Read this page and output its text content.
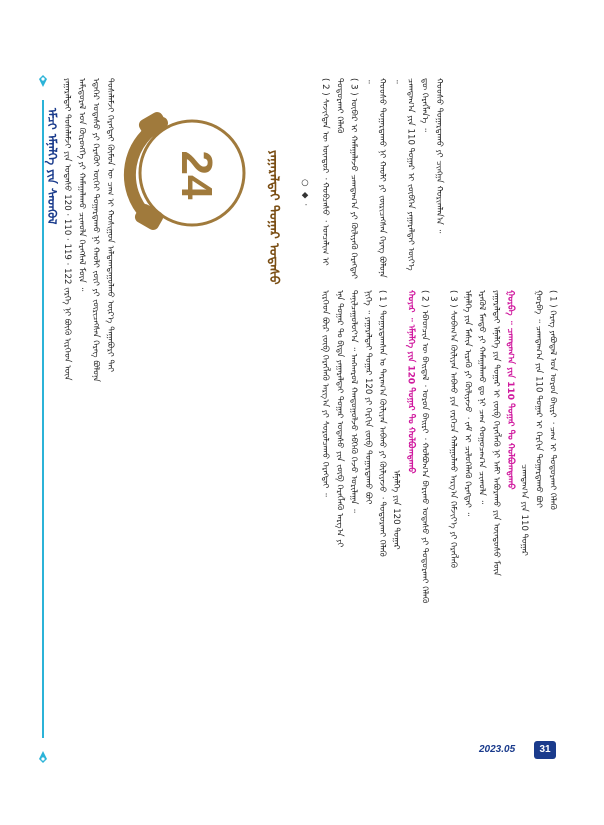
ᠡᠮᠴᠢ ᠡᠮᠨᠡᠯᠭᠡ ᠶᠢᠨ ᠰᠡᠳᠬᠦᠯ ᠶᠠᠭᠠᠷᠠᠯᠲᠠᠢ ᠲᠤᠰᠠᠯᠠᠮᠵᠢ ᠶᠢᠨ ᠤᠲᠠᠰᠤ 120 · 110 · 119 · 122 ᠵᠡᠷᠭᠡ ᠨᠢ ᠪᠦᠬᠦ ᠢᠷᠭᠡᠳ ᠦᠨ ᠠᠮᠢᠳᠤᠷᠠᠯ ᠡᠳ ᠬᠥᠷᠥᠩᠭᠡ ᠶᠢ ᠬᠠᠮᠠᠭᠠᠯᠠᠬᠤ ᠴᠢᠬᠤᠯᠠ ᠬᠡᠷᠡᠭᠰᠡᠯ ᠮᠥᠨ ᠃ ᠡᠳᠡᠭᠡᠷ ᠤᠲᠠᠰᠤ ᠶᠢ ᠬᠡᠷᠡᠭᠦᠢ ᠦᠭᠡᠢ ᠳᠤᠭᠠᠷᠳᠠᠬᠤ ᠨᠢ ᠬᠠᠤᠯᠢ ᠵᠦᠢ ᠶᠢ ᠵᠦᠷᠢᠴᠡᠭᠰᠡᠨ ᠬᠡᠷᠡᠭ ᠪᠣᠯᠤᠨᠠ ᠲᠤᠰᠠᠯᠠᠮᠵᠢ ᠬᠡᠷᠡᠭᠲᠡᠢ ᠬᠦᠮᠦᠨ ᠦ ᠴᠠᠭ ᠢ ᠬᠣᠰᠢᠭᠤᠨ ᠠᠯᠳᠠᠭᠳᠠᠭᠤᠯᠬᠤ ᠦᠷ᠎ᠡ ᠳᠠᠭᠠᠪᠤᠷᠢ ᠲᠠᠢ 24	ᠶᠠᠭᠠᠷᠠᠯᠲᠠᠢ ᠳᠤᠭᠠᠷ ᠤᠲᠠᠰᠤ	○ ◆ ·
ᠢᠷᠭᠡᠳ ᠪᠦᠷ ᠵᠥᠪ ᠬᠡᠷᠡᠭᠯᠡᠬᠦ ᠠᠷᠭ᠎ᠠ ᠶᠢ ᠰᠤᠷᠤᠯᠴᠠᠬᠤ ᠬᠡᠷᠡᠭᠲᠡᠢ ᠃ ᠡᠨᠡ ᠳᠤᠭᠠᠷ ᠲᠤ ᠪᠢᠳᠡ ᠶᠠᠭᠠᠷᠠᠯᠲᠠᠢ ᠳᠤᠭᠠᠷ ᠤᠲᠠᠰᠤ ᠶᠢᠨ ᠵᠥᠪ ᠬᠡᠷᠡᠭᠯᠡᠬᠦ ᠠᠷᠭ᠎ᠠ ᠶᠢ ᠲᠠᠨᠢᠯᠴᠠᠭᠤᠯᠤᠶ᠎ᠠ ᠃ ᠠᠩᠬᠠᠷᠤᠯ ᠬᠠᠨᠳᠤᠭᠤᠯᠵᠤ ᠡᠪᠬᠡᠬᠦ ᠭᠡᠵᠦ ᠤᠷᠢᠯᠠᠭᠠ ᠃ ᠨᠢᠭᠡ ᠃ ᠶᠠᠭᠠᠷᠠᠯᠲᠠᠢ ᠳᠤᠭᠠᠷ 120 ᠶᠢ ᠬᠡᠷᠬᠢᠨ ᠵᠥᠪ ᠳᠤᠭᠠᠷᠳᠠᠬᠤ ᠪᠤᠢ ( 1 ) ᠳᠤᠭᠠᠷᠳᠠᠭᠰᠠᠨ ᠤ ᠳᠠᠷᠠᠭ᠎ᠠ ᠬᠦᠯᠢᠶᠡᠨ ᠠᠪᠬᠤ ᠶᠢ ᠬᠦᠯᠢᠶᠡᠵᠦ ᠂ ᠲᠣᠳᠣᠷᠬᠠᠢ ᠬᠡᠯᠡᠬᠦ ᠡᠮᠨᠡᠯᠭᠡ ᠶᠢᠨ 120 ᠳᠤᠭᠠᠷ
ᠬᠣᠶᠠᠷ ᠃ ᠡᠮᠨᠡᠯᠭᠡ ᠶᠢᠨ 120 ᠳᠤᠭᠠᠷ ᠲᠤ ᠬᠣᠯᠪᠣᠭᠳᠠᠬᠤ ( 2 ) ᠡᠪᠡᠳᠴᠢᠨ ᠦ ᠪᠠᠢᠳᠠᠯ ᠂ ᠣᠷᠣᠨ ᠪᠠᠢᠷᠢ ᠂ ᠬᠣᠯᠪᠣᠭ᠎ᠠ ᠪᠠᠷᠢᠬᠤ ᠤᠲᠠᠰᠤ ᠶᠢ ᠲᠣᠳᠣᠷᠬᠠᠢ ᠬᠡᠯᠡᠬᠦ ( 3 ) ᠰᠤᠪᠠᠭ᠎ᠠ ᠬᠦᠯᠢᠶᠡᠨ ᠠᠪᠬᠤ ᠶᠢᠨ ᠵᠡᠷᠭᠡᠴᠡ ᠬᠠᠯᠠᠭᠤᠯᠬᠤ ᠠᠷᠭ᠎ᠠ ᠬᠡᠮᠵᠢᠶ᠎ᠡ ᠶᠢ ᠬᠡᠷᠡᠭᠯᠡᠬᠦ ᠡᠮᠨᠡᠯᠭᠡ ᠶᠢᠨ ᠮᠠᠰᠢᠨ ᠢᠷᠡᠬᠦ ᠶᠢ ᠬᠦᠯᠢᠶᠡᠵᠦ ᠂ ᠵᠠᠮ ᠢ ᠴᠢᠯᠦᠭᠡᠯᠡᠬᠦ ᠬᠡᠷᠡᠭᠲᠡᠢ ᠃ ᠡᠷᠡᠭᠦᠯ ᠮᠡᠨᠳᠦ ᠶᠢ ᠬᠠᠮᠠᠭᠠᠯᠠᠬᠤ ᠳᠤ ᠨᠢ ᠴᠠᠭ ᠬᠤᠭᠤᠴᠠᠭ᠎ᠠ ᠴᠢᠬᠤᠯᠠ ᠃ ᠶᠠᠭᠠᠷᠠᠯᠲᠠᠢ ᠡᠮᠨᠡᠯᠭᠡ ᠶᠢᠨ ᠳᠤᠭᠠᠷ ᠢ ᠵᠥᠪ ᠬᠡᠷᠡᠭᠯᠡᠬᠦ ᠨᠢ ᠠᠮᠢ ᠠᠪᠤᠷᠠᠬᠤ ᠶᠢᠨ ᠦᠨᠳᠦᠰᠦ ᠮᠥᠨ ᠭᠤᠷᠪᠠ ᠃ ᠴᠠᠭᠳᠠᠭ᠎ᠠ ᠶᠢᠨ 110 ᠳᠤᠭᠠᠷ ᠲᠤ ᠬᠣᠯᠪᠣᠭᠳᠠᠬᠤ
ᠴᠠᠭᠳᠠᠭ᠎ᠠ ᠶᠢᠨ 110 ᠳᠤᠭᠠᠷ
ᠭᠤᠷᠪᠠ ᠃ ᠴᠠᠭᠳᠠᠭ᠎ᠠ ᠶᠢᠨ 110 ᠳᠤᠭᠠᠷ ᠢ ᠬᠡᠷᠬᠢᠨ ᠳᠤᠭᠠᠷᠳᠠᠬᠤ ᠪᠤᠢ ( 1 ) ᠬᠡᠷᠡᠭ ᠶᠠᠪᠤᠳᠠᠯ ᠤᠨ ᠣᠷᠣᠨ ᠪᠠᠢᠷᠢ ᠂ ᠴᠠᠭ ᠢ ᠲᠣᠳᠣᠷᠬᠠᠢ ᠬᠡᠯᠡᠬᠦ
( 2 ) ᠰᠡᠵᠢᠭᠲᠡᠨ ᠦ ᠦᠨᠳᠦᠷ ᠂ ᠬᠤᠪᠴᠠᠰᠤ ᠂ ᠣᠨᠴᠠᠯᠢᠭ ᠢ ᠲᠣᠳᠣᠷᠬᠠᠢ ᠬᠡᠯᠡᠬᠦ ( 3 ) ᠥᠪᠡᠷ ᠢ ᠬᠠᠮᠠᠭᠠᠯᠠᠵᠤ ᠴᠠᠭᠳᠠᠭ᠎ᠠ ᠶᠢ ᠬᠦᠯᠢᠶᠡᠬᠦ ᠬᠡᠷᠡᠭᠲᠡᠢ ᠃ ᠬᠣᠣᠰᠤ ᠳᠤᠭᠠᠷᠳᠠᠬᠤ ᠨᠢ ᠬᠠᠤᠯᠢ ᠶᠢ ᠵᠦᠷᠢᠴᠡᠭᠰᠡᠨ ᠬᠡᠷᠡᠭ ᠪᠣᠯᠤᠨᠠ ᠃ ᠴᠠᠭᠳᠠᠭ᠎ᠠ ᠶᠢᠨ 110 ᠳᠤᠭᠠᠷ ᠢ ᠵᠥᠪᠬᠡᠨ ᠶᠠᠭᠠᠷᠠᠯᠲᠠᠢ ᠦᠶ᠎ᠡ ᠳᠦ ᠬᠡᠷᠡᠭᠯᠡᠨ᠎ᠡ ᠃ ᠬᠣᠣᠰᠤ ᠳᠤᠭᠠᠷᠳᠠᠬᠤ ᠶᠢ ᠴᠢᠩᠭᠠ ᠬᠣᠷᠢᠭᠯᠠᠨ᠎ᠠ ᠃
2023.05	31
